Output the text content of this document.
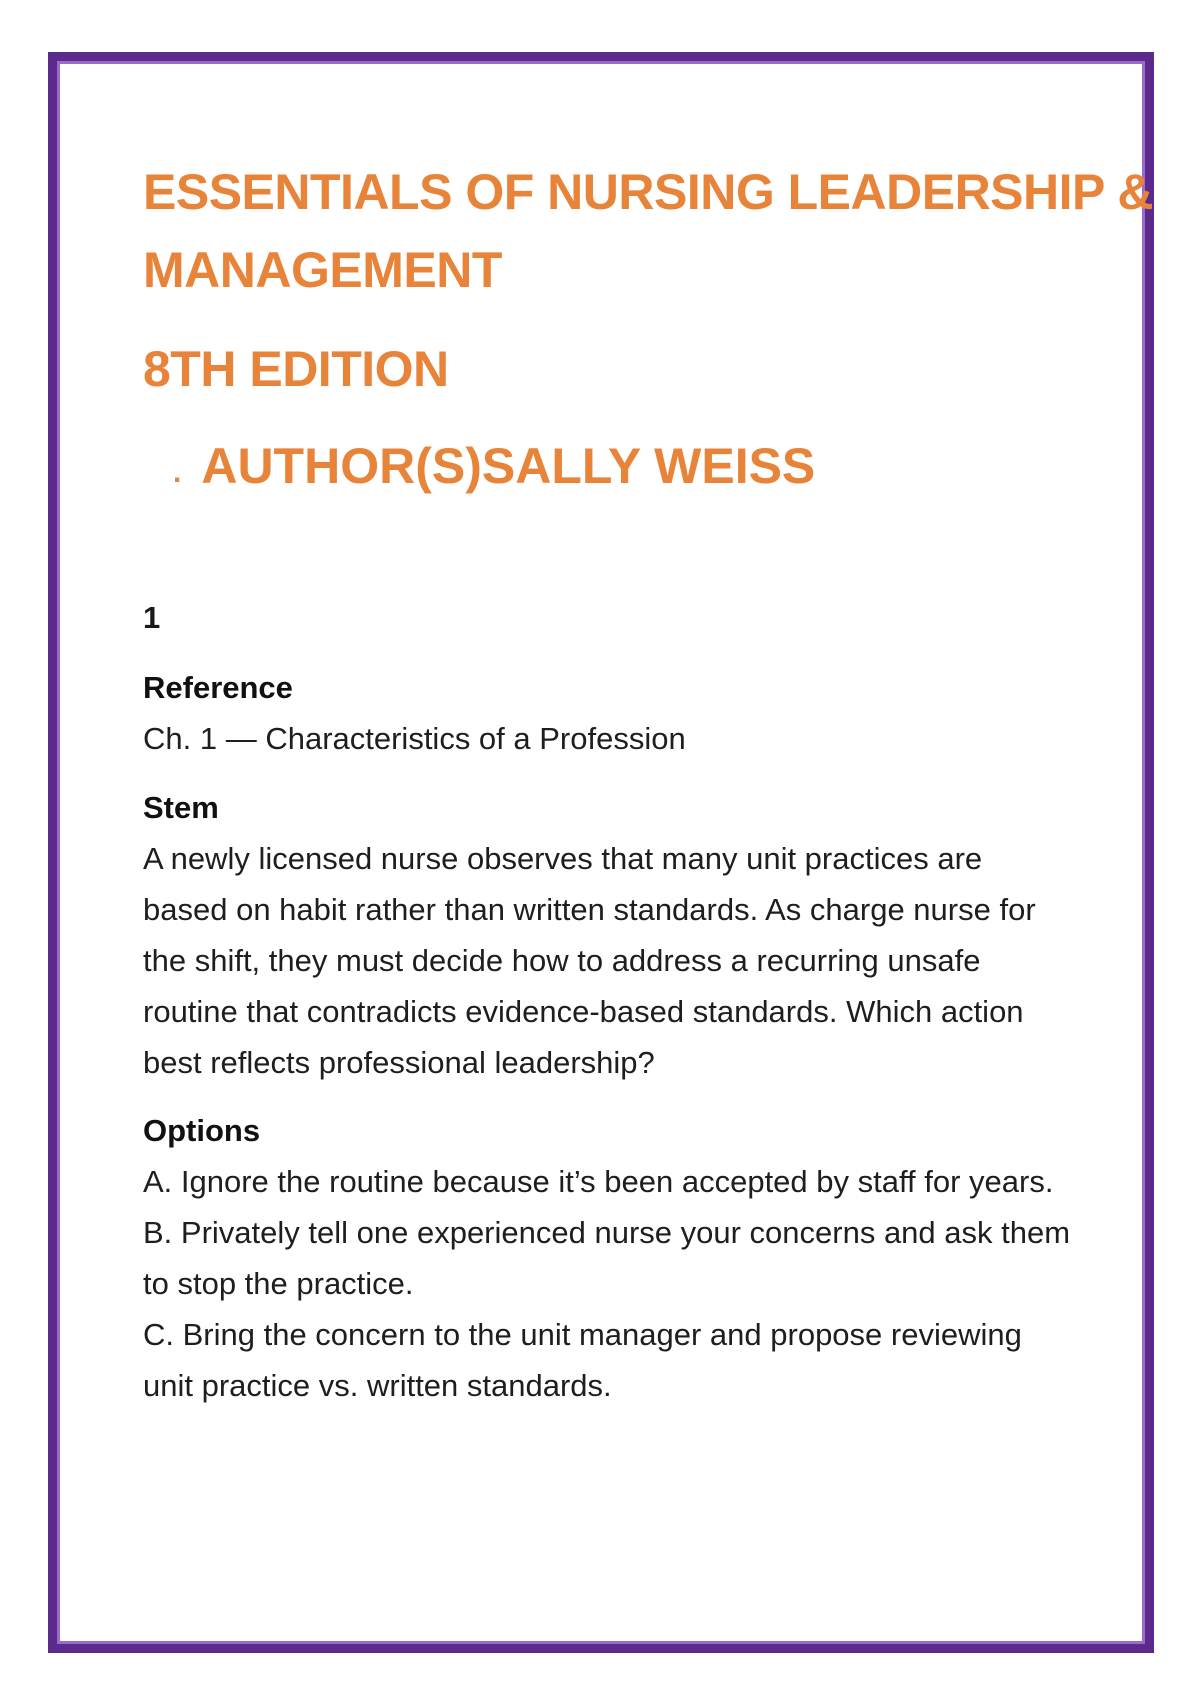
ESSENTIALS OF NURSING LEADERSHIP &
MANAGEMENT
8TH EDITION
. AUTHOR(S)SALLY WEISS
1
Reference

Ch. 1 — Characteristics of a Profession

Stem

A newly licensed nurse observes that many unit practices are based on habit rather than written standards. As charge nurse for the shift, they must decide how to address a recurring unsafe routine that contradicts evidence-based standards. Which action best reflects professional leadership?

Options

A. Ignore the routine because it’s been accepted by staff for years.

B. Privately tell one experienced nurse your concerns and ask them to stop the practice.

C. Bring the concern to the unit manager and propose reviewing unit practice vs. written standards.
